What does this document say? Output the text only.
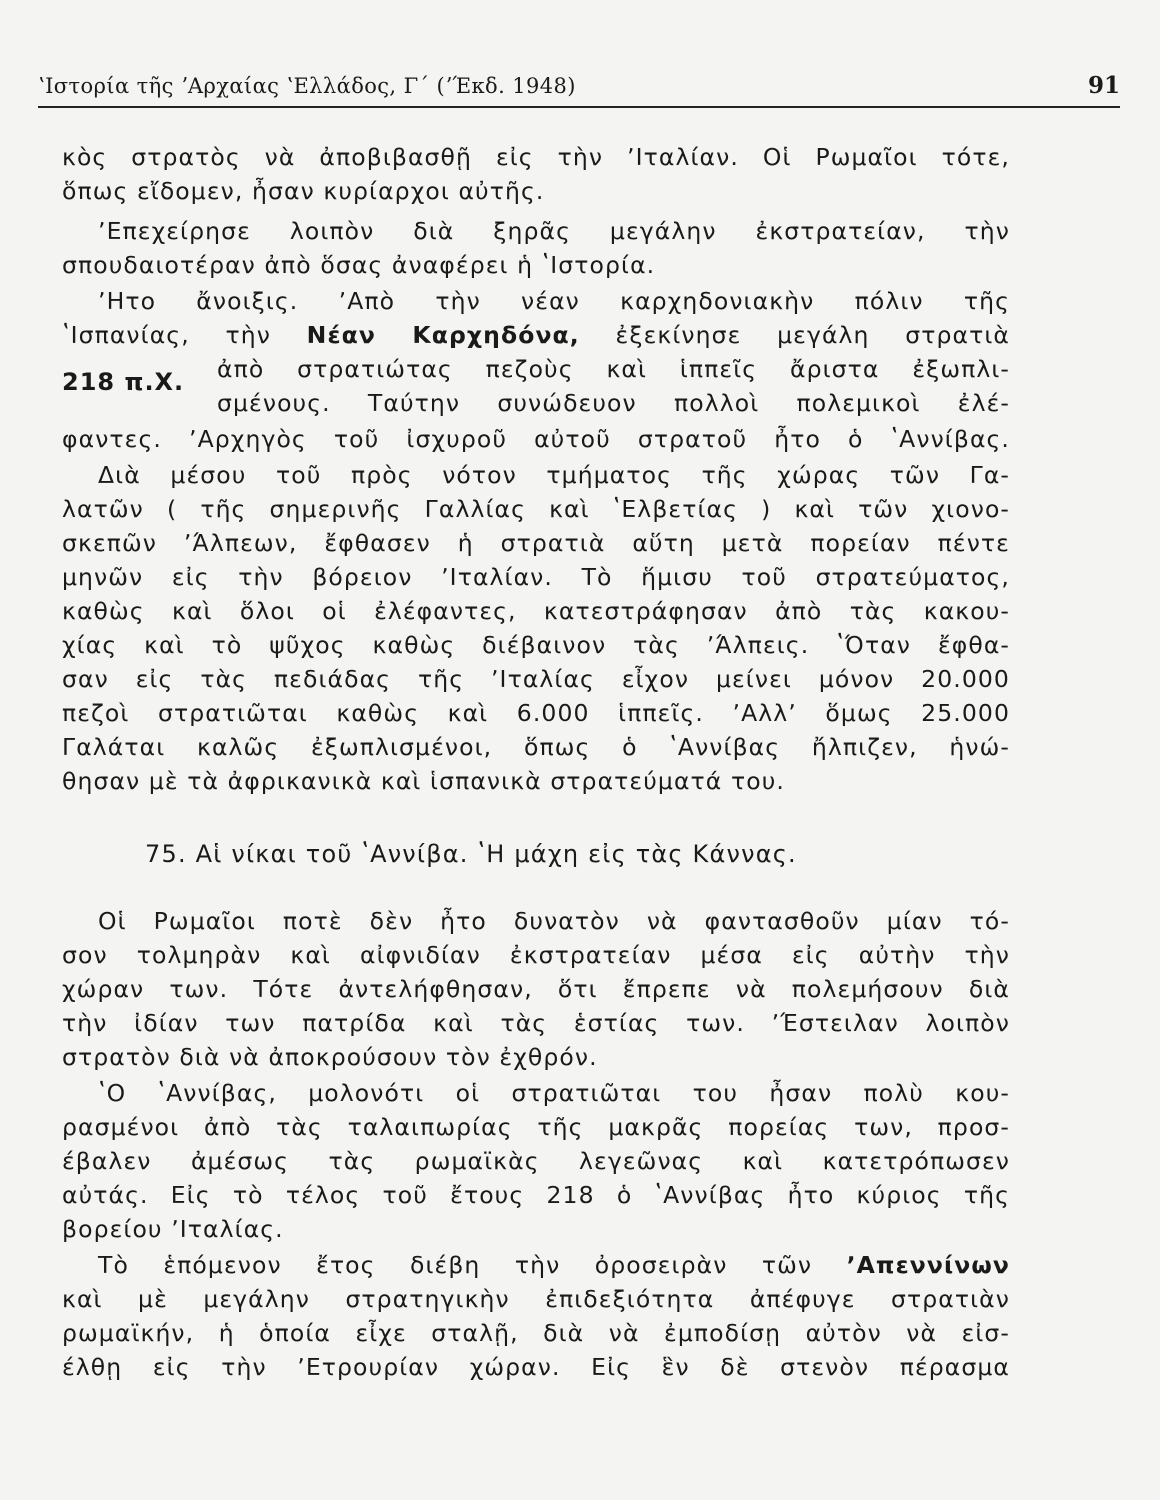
ʽΙστορία τῆς ʼΑρχαίας ʽΕλλάδος, Γ΄ (ʼΈκδ. 1948)	91
κὸς στρατὸς νὰ ἀποβιβασθῇ εἰς τὴν ʼΙταλίαν. Οἱ Ρωμαῖοι τότε,
ὅπως εἴδομεν, ἦσαν κυρίαρχοι αὐτῆς.
ʼΕπεχείρησε λοιπὸν διὰ ξηρᾶς μεγάλην ἐκστρατείαν, τὴν
σπουδαιοτέραν ἀπὸ ὅσας ἀναφέρει ἡ ʽΙστορία.
ʼΗτο ἄνοιξις. ʼΑπὸ τὴν νέαν καρχηδονιακὴν πόλιν τῆς
ʽΙσπανίας, τὴν Νέαν Καρχηδόνα, ἐξεκίνησε μεγάλη στρατιὰ
218 π.Χ. ἀπὸ στρατιώτας πεζοὺς καὶ ἱππεῖς ἄριστα ἐξωπλι-
σμένους. Ταύτην συνώδευον πολλοὶ πολεμικοὶ ἐλέ-
φαντες. ʼΑρχηγὸς τοῦ ἰσχυροῦ αὐτοῦ στρατοῦ ἦτο ὁ ʽΑννίβας.
Διὰ μέσου τοῦ πρὸς νότον τμήματος τῆς χώρας τῶν Γα-
λατῶν ( τῆς σημερινῆς Γαλλίας καὶ ʽΕλβετίας ) καὶ τῶν χιονο-
σκεπῶν ʼΆλπεων, ἔφθασεν ἡ στρατιὰ αὕτη μετὰ πορείαν πέντε
μηνῶν εἰς τὴν βόρειον ʼΙταλίαν. Τὸ ἥμισυ τοῦ στρατεύματος,
καθὼς καὶ ὅλοι οἱ ἐλέφαντες, κατεστράφησαν ἀπὸ τὰς κακου-
χίας καὶ τὸ ψῦχος καθὼς διέβαινον τὰς ʼΆλπεις. ʽΌταν ἔφθα-
σαν εἰς τὰς πεδιάδας τῆς ʼΙταλίας εἶχον μείνει μόνον 20.000
πεζοὶ στρατιῶται καθὼς καὶ 6.000 ἱππεῖς. ʼΑλλʼ ὅμως 25.000
Γαλάται καλῶς ἐξωπλισμένοι, ὅπως ὁ ʽΑννίβας ἤλπιζεν, ἡνώ-
θησαν μὲ τὰ ἀφρικανικὰ καὶ ἱσπανικὰ στρατεύματά του.
75. Αἱ νίκαι τοῦ ʽΑννίβα. ʽΗ μάχη εἰς τὰς Κάννας.
Οἱ Ρωμαῖοι ποτὲ δὲν ἦτο δυνατὸν νὰ φαντασθοῦν μίαν τό-
σον τολμηρὰν καὶ αἰφνιδίαν ἐκστρατείαν μέσα εἰς αὐτὴν τὴν
χώραν των. Τότε ἀντελήφθησαν, ὅτι ἔπρεπε νὰ πολεμήσουν διὰ
τὴν ἰδίαν των πατρίδα καὶ τὰς ἑστίας των. ʼΈστειλαν λοιπὸν
στρατὸν διὰ νὰ ἀποκρούσουν τὸν ἐχθρόν.
ʽΟ ʽΑννίβας, μολονότι οἱ στρατιῶται του ἦσαν πολὺ κου-
ρασμένοι ἀπὸ τὰς ταλαιπωρίας τῆς μακρᾶς πορείας των, προσ-
έβαλεν ἀμέσως τὰς ρωμαϊκὰς λεγεῶνας καὶ κατετρόπωσεν
αὐτάς. Εἰς τὸ τέλος τοῦ ἔτους 218 ὁ ʽΑννίβας ἦτο κύριος τῆς
βορείου ʼΙταλίας.
Τὸ ἑπόμενον ἔτος διέβη τὴν ὀροσειρὰν τῶν ʼΑπεννίνων
καὶ μὲ μεγάλην στρατηγικὴν ἐπιδεξιότητα ἀπέφυγε στρατιὰν
ρωμαϊκήν, ἡ ὁποία εἶχε σταλῇ, διὰ νὰ ἐμποδίσῃ αὐτὸν νὰ εἰσ-
έλθῃ εἰς τὴν ʼΕτρουρίαν χώραν. Εἰς ἓν δὲ στενὸν πέρασμα
